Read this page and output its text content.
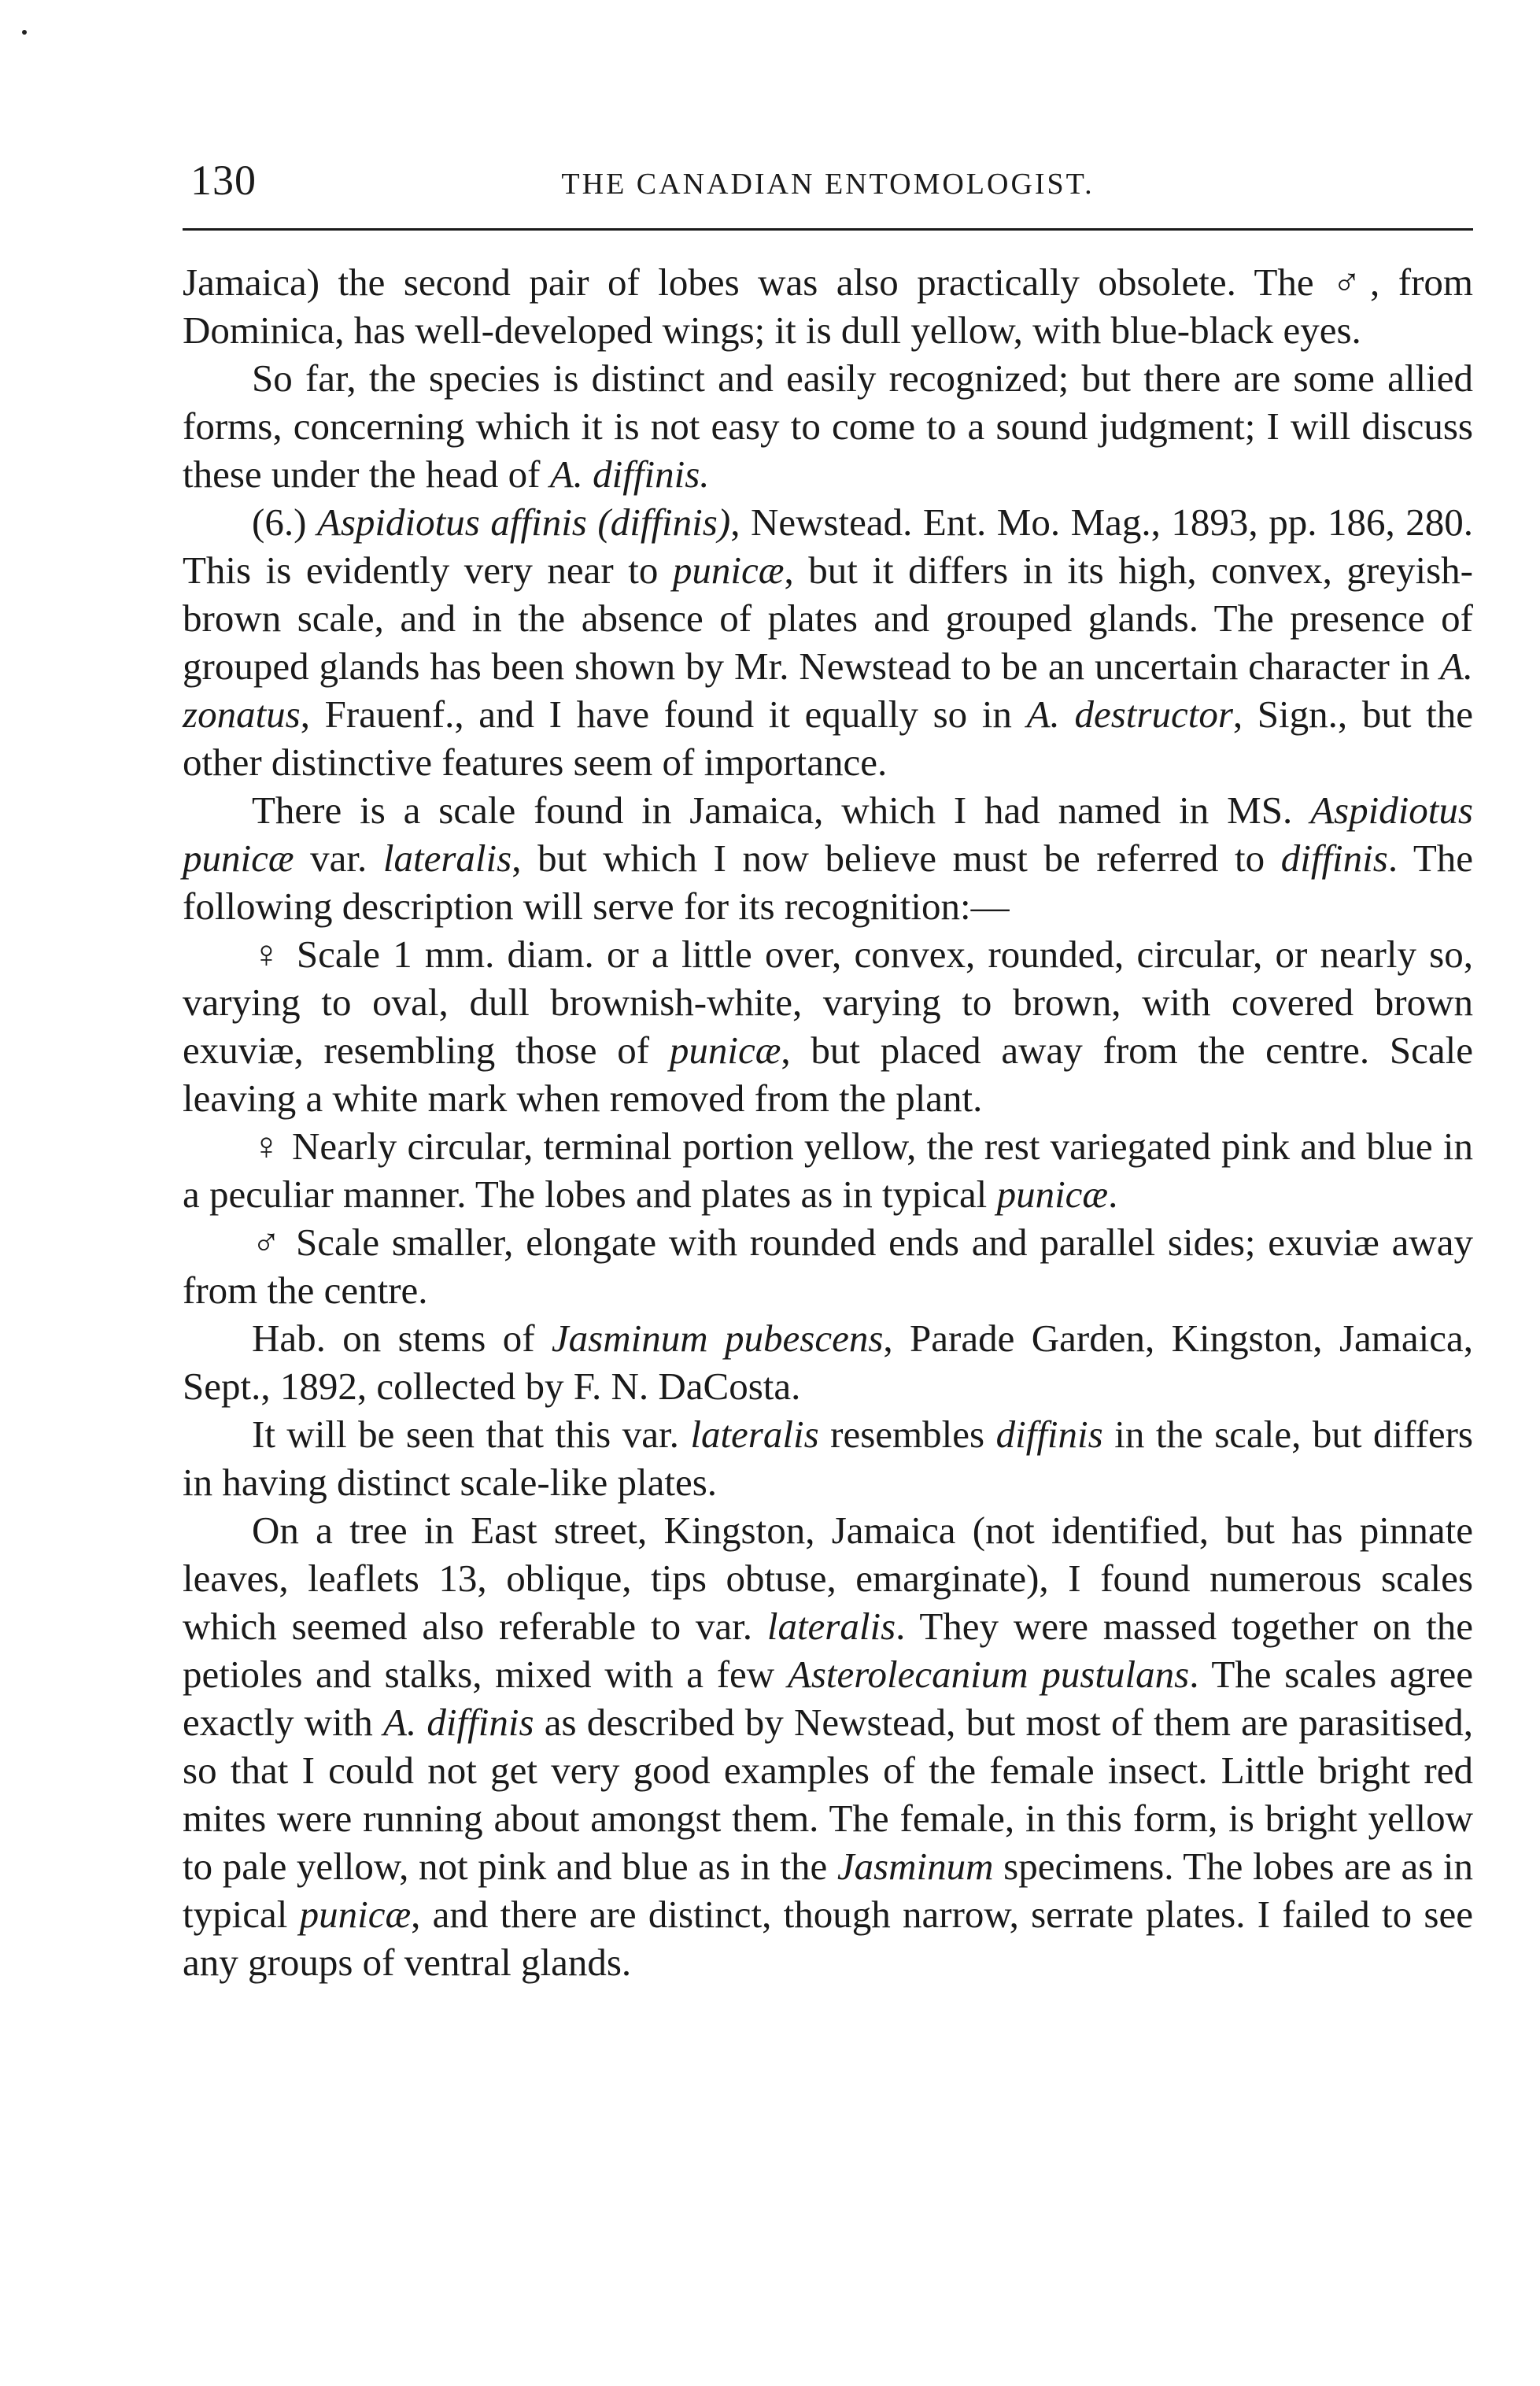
130	THE CANADIAN ENTOMOLOGIST.

Jamaica) the second pair of lobes was also practically obsolete. The ♂, from Dominica, has well-developed wings; it is dull yellow, with blue-black eyes.

So far, the species is distinct and easily recognized; but there are some allied forms, concerning which it is not easy to come to a sound judgment; I will discuss these under the head of A. diffinis.

(6.) Aspidiotus affinis (diffinis), Newstead. Ent. Mo. Mag., 1893, pp. 186, 280. This is evidently very near to punicæ, but it differs in its high, convex, greyish-brown scale, and in the absence of plates and grouped glands. The presence of grouped glands has been shown by Mr. Newstead to be an uncertain character in A. zonatus, Frauenf., and I have found it equally so in A. destructor, Sign., but the other distinctive features seem of importance.

There is a scale found in Jamaica, which I had named in MS. Aspidiotus punicæ var. lateralis, but which I now believe must be referred to diffinis. The following description will serve for its recognition:—

♀ Scale 1 mm. diam. or a little over, convex, rounded, circular, or nearly so, varying to oval, dull brownish-white, varying to brown, with covered brown exuviæ, resembling those of punicæ, but placed away from the centre. Scale leaving a white mark when removed from the plant.

♀ Nearly circular, terminal portion yellow, the rest variegated pink and blue in a peculiar manner. The lobes and plates as in typical punicæ.

♂ Scale smaller, elongate with rounded ends and parallel sides; exuviæ away from the centre.

Hab. on stems of Jasminum pubescens, Parade Garden, Kingston, Jamaica, Sept., 1892, collected by F. N. DaCosta.

It will be seen that this var. lateralis resembles diffinis in the scale, but differs in having distinct scale-like plates.

On a tree in East street, Kingston, Jamaica (not identified, but has pinnate leaves, leaflets 13, oblique, tips obtuse, emarginate), I found numerous scales which seemed also referable to var. lateralis. They were massed together on the petioles and stalks, mixed with a few Asterolecanium pustulans. The scales agree exactly with A. diffinis as described by Newstead, but most of them are parasitised, so that I could not get very good examples of the female insect. Little bright red mites were running about amongst them. The female, in this form, is bright yellow to pale yellow, not pink and blue as in the Jasminum specimens. The lobes are as in typical punicæ, and there are distinct, though narrow, serrate plates. I failed to see any groups of ventral glands.
